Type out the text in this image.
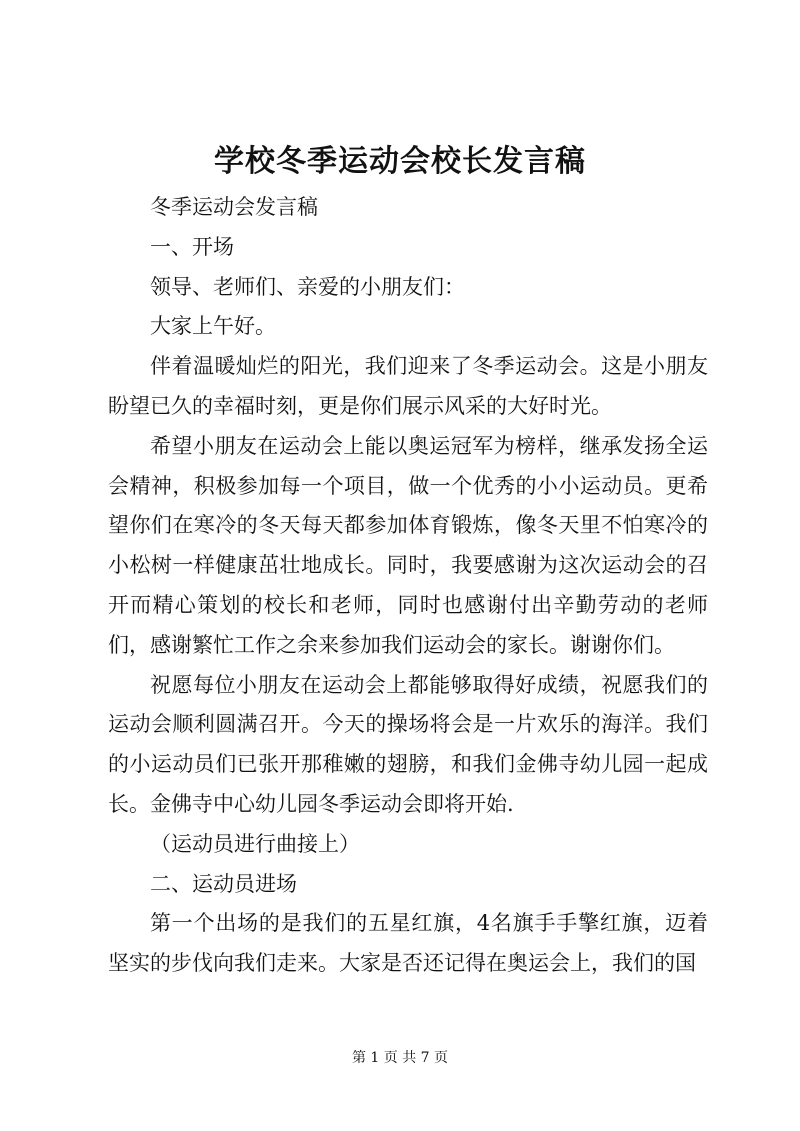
学校冬季运动会校长发言稿

冬季运动会发言稿

一、开场

领导、老师们、亲爱的小朋友们：

大家上午好。

伴着温暖灿烂的阳光，我们迎来了冬季运动会。这是小朋友盼望已久的幸福时刻，更是你们展示风采的大好时光。

希望小朋友在运动会上能以奥运冠军为榜样，继承发扬全运会精神，积极参加每一个项目，做一个优秀的小小运动员。更希望你们在寒冷的冬天每天都参加体育锻炼，像冬天里不怕寒冷的小松树一样健康茁壮地成长。同时，我要感谢为这次运动会的召开而精心策划的校长和老师，同时也感谢付出辛勤劳动的老师们，感谢繁忙工作之余来参加我们运动会的家长。谢谢你们。

祝愿每位小朋友在运动会上都能够取得好成绩，祝愿我们的运动会顺利圆满召开。今天的操场将会是一片欢乐的海洋。我们的小运动员们已张开那稚嫩的翅膀，和我们金佛寺幼儿园一起成长。金佛寺中心幼儿园冬季运动会即将开始.

（运动员进行曲接上）

二、运动员进场

第一个出场的是我们的五星红旗，4名旗手手擎红旗，迈着坚实的步伐向我们走来。大家是否还记得在奥运会上，我们的国

第 1 页 共 7 页
